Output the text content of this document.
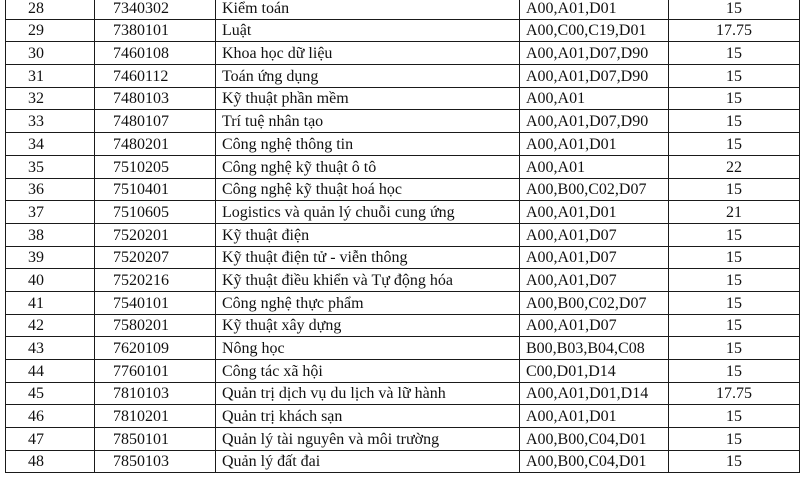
28	7340302	Kiểm toán	A00,A01,D01	15
29	7380101	Luật	A00,C00,C19,D01	17.75
30	7460108	Khoa học dữ liệu	A00,A01,D07,D90	15
31	7460112	Toán ứng dụng	A00,A01,D07,D90	15
32	7480103	Kỹ thuật phần mềm	A00,A01	15
33	7480107	Trí tuệ nhân tạo	A00,A01,D07,D90	15
34	7480201	Công nghệ thông tin	A00,A01,D01	15
35	7510205	Công nghệ kỹ thuật ô tô	A00,A01	22
36	7510401	Công nghệ kỹ thuật hoá học	A00,B00,C02,D07	15
37	7510605	Logistics và quản lý chuỗi cung ứng	A00,A01,D01	21
38	7520201	Kỹ thuật điện	A00,A01,D07	15
39	7520207	Kỹ thuật điện tử - viễn thông	A00,A01,D07	15
40	7520216	Kỹ thuật điều khiển và Tự động hóa	A00,A01,D07	15
41	7540101	Công nghệ thực phẩm	A00,B00,C02,D07	15
42	7580201	Kỹ thuật xây dựng	A00,A01,D07	15
43	7620109	Nông học	B00,B03,B04,C08	15
44	7760101	Công tác xã hội	C00,D01,D14	15
45	7810103	Quản trị dịch vụ du lịch và lữ hành	A00,A01,D01,D14	17.75
46	7810201	Quản trị khách sạn	A00,A01,D01	15
47	7850101	Quản lý tài nguyên và môi trường	A00,B00,C04,D01	15
48	7850103	Quản lý đất đai	A00,B00,C04,D01	15
